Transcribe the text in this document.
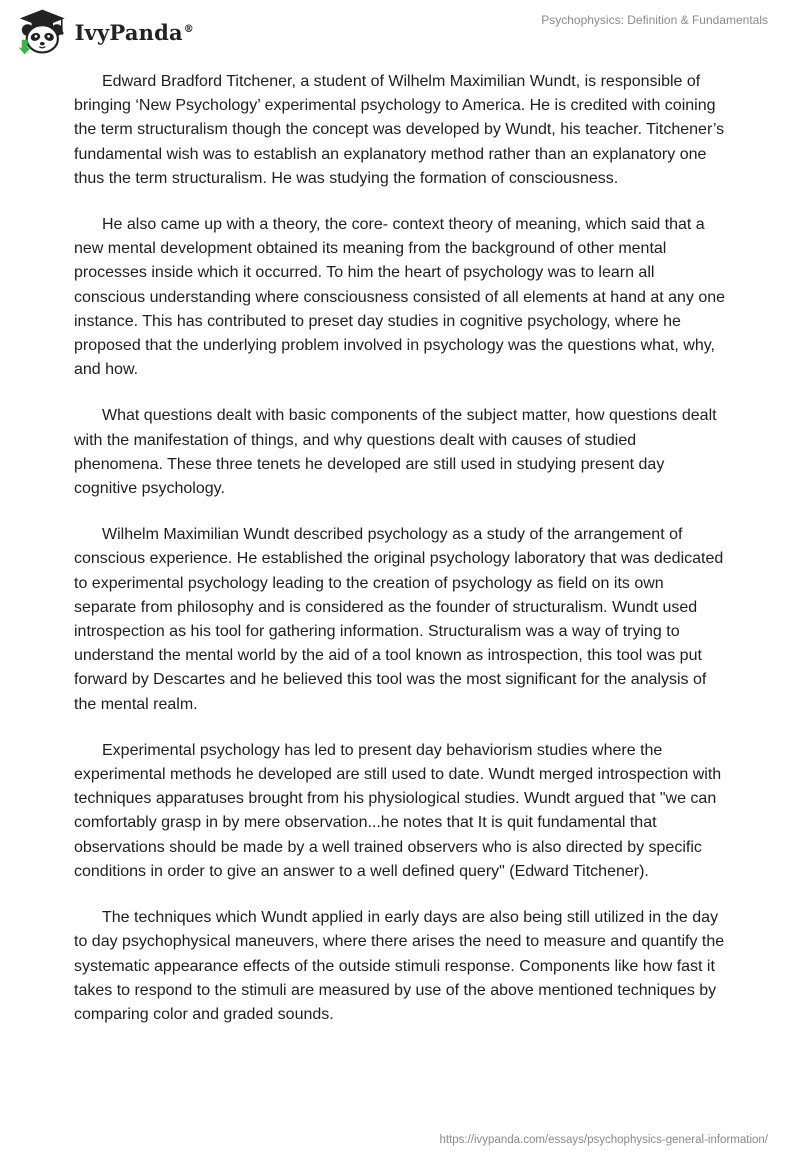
IvyPanda®
Psychophysics: Definition & Fundamentals

Edward Bradford Titchener, a student of Wilhelm Maximilian Wundt, is responsible of bringing ‘New Psychology’ experimental psychology to America. He is credited with coining the term structuralism though the concept was developed by Wundt, his teacher. Titchener’s fundamental wish was to establish an explanatory method rather than an explanatory one thus the term structuralism. He was studying the formation of consciousness.

He also came up with a theory, the core- context theory of meaning, which said that a new mental development obtained its meaning from the background of other mental processes inside which it occurred. To him the heart of psychology was to learn all conscious understanding where consciousness consisted of all elements at hand at any one instance. This has contributed to preset day studies in cognitive psychology, where he proposed that the underlying problem involved in psychology was the questions what, why, and how.

What questions dealt with basic components of the subject matter, how questions dealt with the manifestation of things, and why questions dealt with causes of studied phenomena. These three tenets he developed are still used in studying present day cognitive psychology.

Wilhelm Maximilian Wundt described psychology as a study of the arrangement of conscious experience. He established the original psychology laboratory that was dedicated to experimental psychology leading to the creation of psychology as field on its own separate from philosophy and is considered as the founder of structuralism. Wundt used introspection as his tool for gathering information. Structuralism was a way of trying to understand the mental world by the aid of a tool known as introspection, this tool was put forward by Descartes and he believed this tool was the most significant for the analysis of the mental realm.

Experimental psychology has led to present day behaviorism studies where the experimental methods he developed are still used to date. Wundt merged introspection with techniques apparatuses brought from his physiological studies. Wundt argued that "we can comfortably grasp in by mere observation...he notes that It is quit fundamental that observations should be made by a well trained observers who is also directed by specific conditions in order to give an answer to a well defined query" (Edward Titchener).

The techniques which Wundt applied in early days are also being still utilized in the day to day psychophysical maneuvers, where there arises the need to measure and quantify the systematic appearance effects of the outside stimuli response. Components like how fast it takes to respond to the stimuli are measured by use of the above mentioned techniques by comparing color and graded sounds.

https://ivypanda.com/essays/psychophysics-general-information/
